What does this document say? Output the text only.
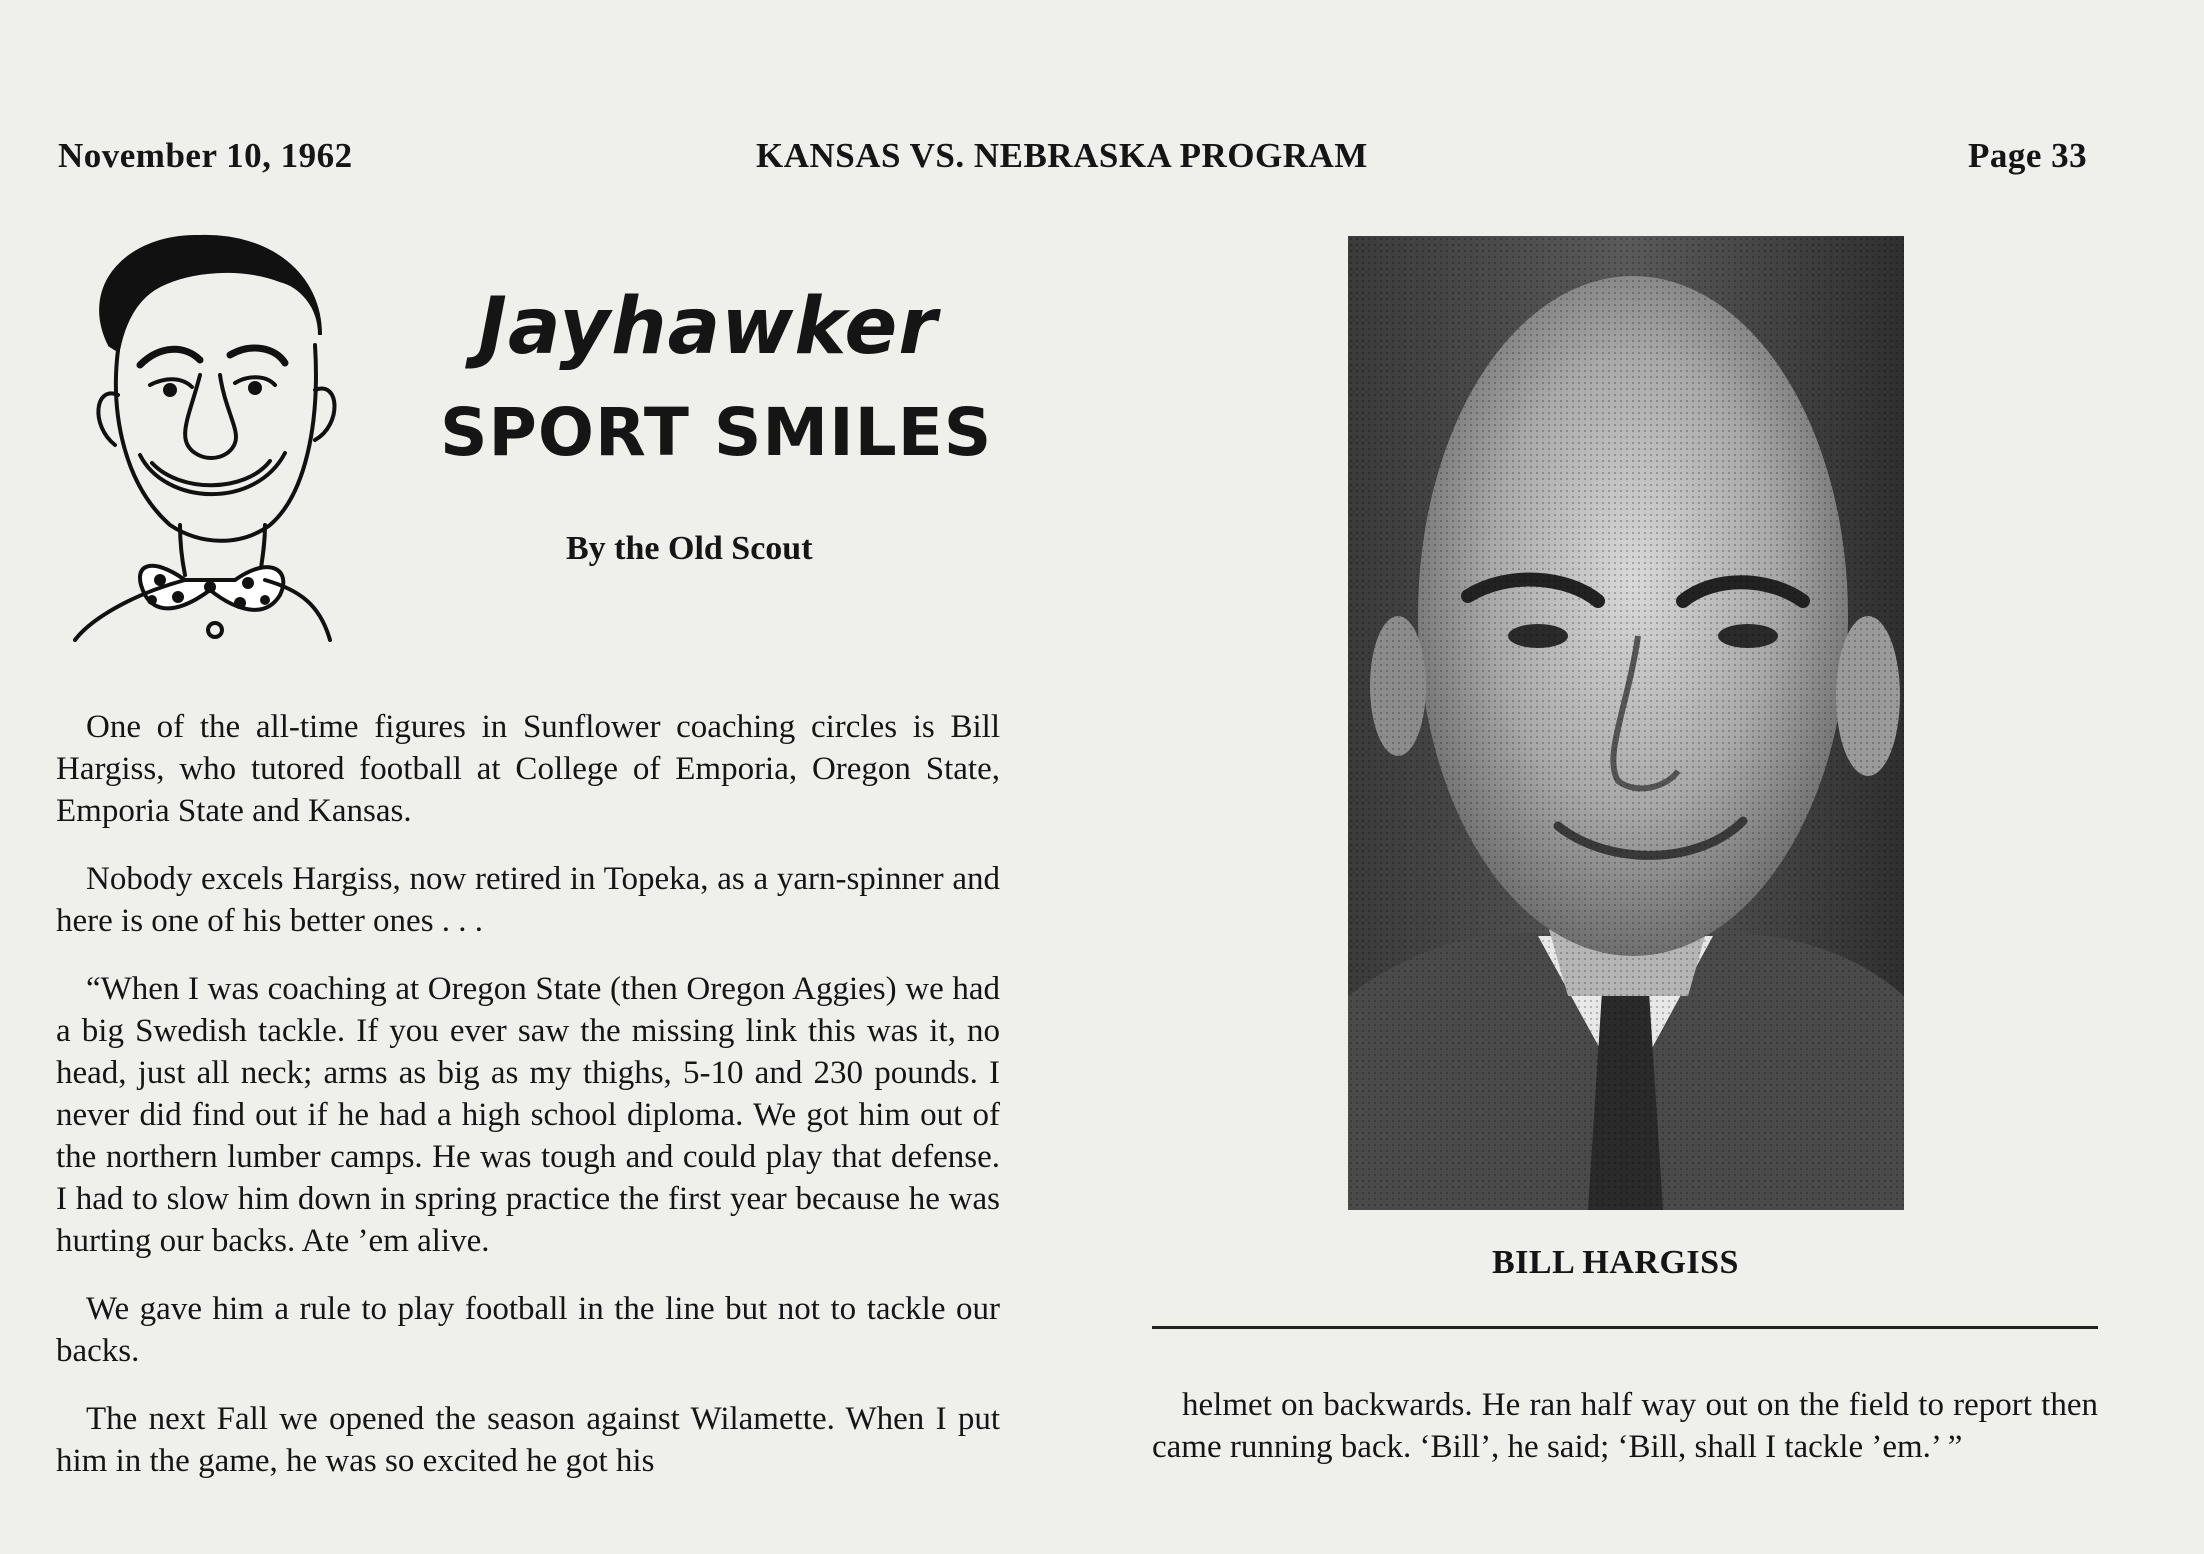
November 10, 1962	KANSAS VS. NEBRASKA PROGRAM	Page 33
Jayhawker
SPORT SMILES
By the Old Scout

One of the all-time figures in Sunflower coaching circles is Bill Hargiss, who tutored football at College of Emporia, Oregon State, Emporia State and Kansas.

Nobody excels Hargiss, now retired in Topeka, as a yarn-spinner and here is one of his better ones . . .

“When I was coaching at Oregon State (then Oregon Aggies) we had a big Swedish tackle. If you ever saw the missing link this was it, no head, just all neck; arms as big as my thighs, 5-10 and 230 pounds. I never did find out if he had a high school diploma. We got him out of the northern lumber camps. He was tough and could play that defense. I had to slow him down in spring practice the first year because he was hurting our backs. Ate ’em alive.

We gave him a rule to play football in the line but not to tackle our backs.

The next Fall we opened the season against Wilamette. When I put him in the game, he was so excited he got his

BILL HARGISS

helmet on backwards. He ran half way out on the field to report then came running back. ‘Bill’, he said; ‘Bill, shall I tackle ’em.’ ”
